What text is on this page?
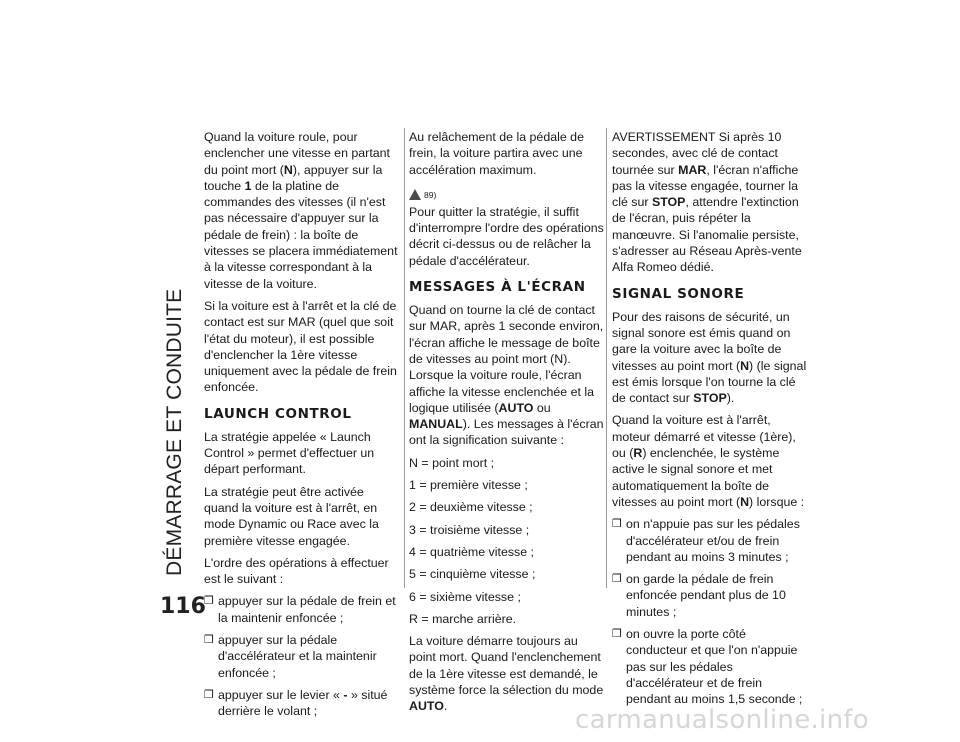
DÉMARRAGE ET CONDUITE
116

Quand la voiture roule, pour enclencher une vitesse en partant du point mort (N), appuyer sur la touche 1 de la platine de commandes des vitesses (il n'est pas nécessaire d'appuyer sur la pédale de frein) : la boîte de vitesses se placera immédiatement à la vitesse correspondant à la vitesse de la voiture.

Si la voiture est à l'arrêt et la clé de contact est sur MAR (quel que soit l'état du moteur), il est possible d'enclencher la 1ère vitesse uniquement avec la pédale de frein enfoncée.

LAUNCH CONTROL

La stratégie appelée « Launch Control » permet d'effectuer un départ performant.

La stratégie peut être activée quand la voiture est à l'arrêt, en mode Dynamic ou Race avec la première vitesse engagée.

L'ordre des opérations à effectuer est le suivant :

❒ appuyer sur la pédale de frein et la maintenir enfoncée ;
❒ appuyer sur la pédale d'accélérateur et la maintenir enfoncée ;
❒ appuyer sur le levier « - » situé derrière le volant ;

Au relâchement de la pédale de frein, la voiture partira avec une accélération maximum.

89)

Pour quitter la stratégie, il suffit d'interrompre l'ordre des opérations décrit ci-dessus ou de relâcher la pédale d'accélérateur.

MESSAGES À L'ÉCRAN

Quand on tourne la clé de contact sur MAR, après 1 seconde environ, l'écran affiche le message de boîte de vitesses au point mort (N). Lorsque la voiture roule, l'écran affiche la vitesse enclenchée et la logique utilisée (AUTO ou MANUAL). Les messages à l'écran ont la signification suivante :

N = point mort ;

1 = première vitesse ;

2 = deuxième vitesse ;

3 = troisième vitesse ;

4 = quatrième vitesse ;

5 = cinquième vitesse ;

6 = sixième vitesse ;

R = marche arrière.

La voiture démarre toujours au point mort. Quand l'enclenchement de la 1ère vitesse est demandé, le système force la sélection du mode AUTO.

AVERTISSEMENT Si après 10 secondes, avec clé de contact tournée sur MAR, l'écran n'affiche pas la vitesse engagée, tourner la clé sur STOP, attendre l'extinction de l'écran, puis répéter la manœuvre. Si l'anomalie persiste, s'adresser au Réseau Après-vente Alfa Romeo dédié.

SIGNAL SONORE

Pour des raisons de sécurité, un signal sonore est émis quand on gare la voiture avec la boîte de vitesses au point mort (N) (le signal est émis lorsque l'on tourne la clé de contact sur STOP).

Quand la voiture est à l'arrêt, moteur démarré et vitesse (1ère), ou (R) enclenchée, le système active le signal sonore et met automatiquement la boîte de vitesses au point mort (N) lorsque :

❒ on n'appuie pas sur les pédales d'accélérateur et/ou de frein pendant au moins 3 minutes ;
❒ on garde la pédale de frein enfoncée pendant plus de 10 minutes ;
❒ on ouvre la porte côté conducteur et que l'on n'appuie pas sur les pédales d'accélérateur et de frein pendant au moins 1,5 seconde ;
carmanualsonline.info
